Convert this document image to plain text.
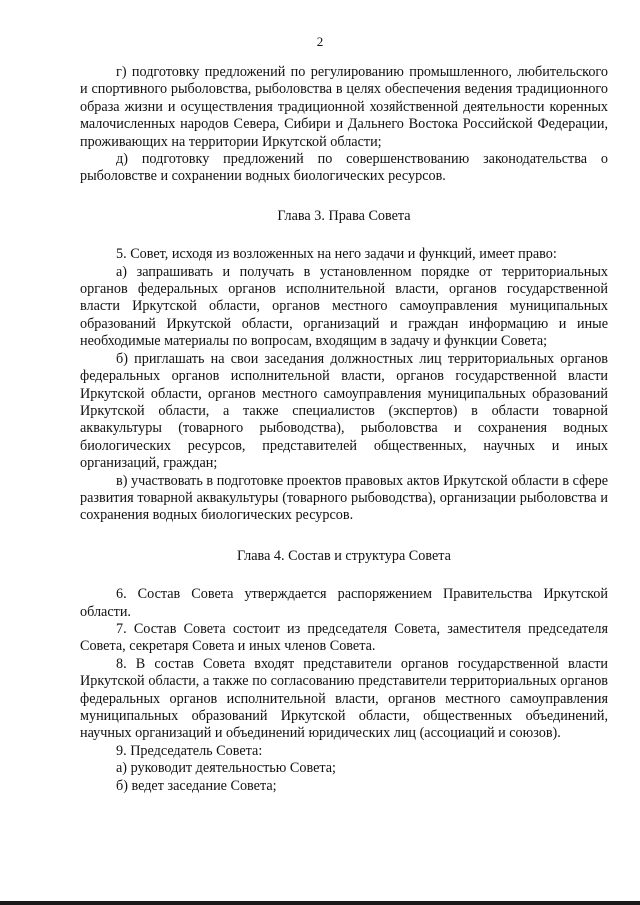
2

г) подготовку предложений по регулированию промышленного, любительского и спортивного рыболовства, рыболовства в целях обеспечения ведения традиционного образа жизни и осуществления традиционной хозяйственной деятельности коренных малочисленных народов Севера, Сибири и Дальнего Востока Российской Федерации, проживающих на территории Иркутской области;

д) подготовку предложений по совершенствованию законодательства о рыболовстве и сохранении водных биологических ресурсов.

Глава 3. Права Совета

5. Совет, исходя из возложенных на него задачи и функций, имеет право:

а) запрашивать и получать в установленном порядке от территориальных органов федеральных органов исполнительной власти, органов государственной власти Иркутской области, органов местного самоуправления муниципальных образований Иркутской области, организаций и граждан информацию и иные необходимые материалы по вопросам, входящим в задачу и функции Совета;

б) приглашать на свои заседания должностных лиц территориальных органов федеральных органов исполнительной власти, органов государственной власти Иркутской области, органов местного самоуправления муниципальных образований Иркутской области, а также специалистов (экспертов) в области товарной аквакультуры (товарного рыбоводства), рыболовства и сохранения водных биологических ресурсов, представителей общественных, научных и иных организаций, граждан;

в) участвовать в подготовке проектов правовых актов Иркутской области в сфере развития товарной аквакультуры (товарного рыбоводства), организации рыболовства и сохранения водных биологических ресурсов.

Глава 4. Состав и структура Совета

6. Состав Совета утверждается распоряжением Правительства Иркутской области.

7. Состав Совета состоит из председателя Совета, заместителя председателя Совета, секретаря Совета и иных членов Совета.

8. В состав Совета входят представители органов государственной власти Иркутской области, а также по согласованию представители территориальных органов федеральных органов исполнительной власти, органов местного самоуправления муниципальных образований Иркутской области, общественных объединений, научных организаций и объединений юридических лиц (ассоциаций и союзов).

9. Председатель Совета:

а) руководит деятельностью Совета;

б) ведет заседание Совета;
